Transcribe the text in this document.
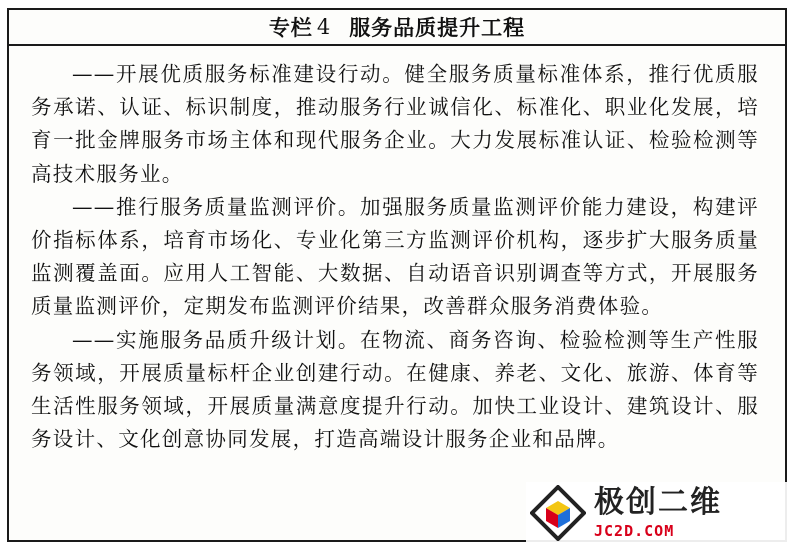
专栏 4 服务品质提升工程

——开展优质服务标准建设行动。健全服务质量标准体系，推行优质服务承诺、认证、标识制度，推动服务行业诚信化、标准化、职业化发展，培育一批金牌服务市场主体和现代服务企业。大力发展标准认证、检验检测等高技术服务业。

——推行服务质量监测评价。加强服务质量监测评价能力建设，构建评价指标体系，培育市场化、专业化第三方监测评价机构，逐步扩大服务质量监测覆盖面。应用人工智能、大数据、自动语音识别调查等方式，开展服务质量监测评价，定期发布监测评价结果，改善群众服务消费体验。

——实施服务品质升级计划。在物流、商务咨询、检验检测等生产性服务领域，开展质量标杆企业创建行动。在健康、养老、文化、旅游、体育等生活性服务领域，开展质量满意度提升行动。加快工业设计、建筑设计、服务设计、文化创意协同发展，打造高端设计服务企业和品牌。

极创二维
JC2D.COM
